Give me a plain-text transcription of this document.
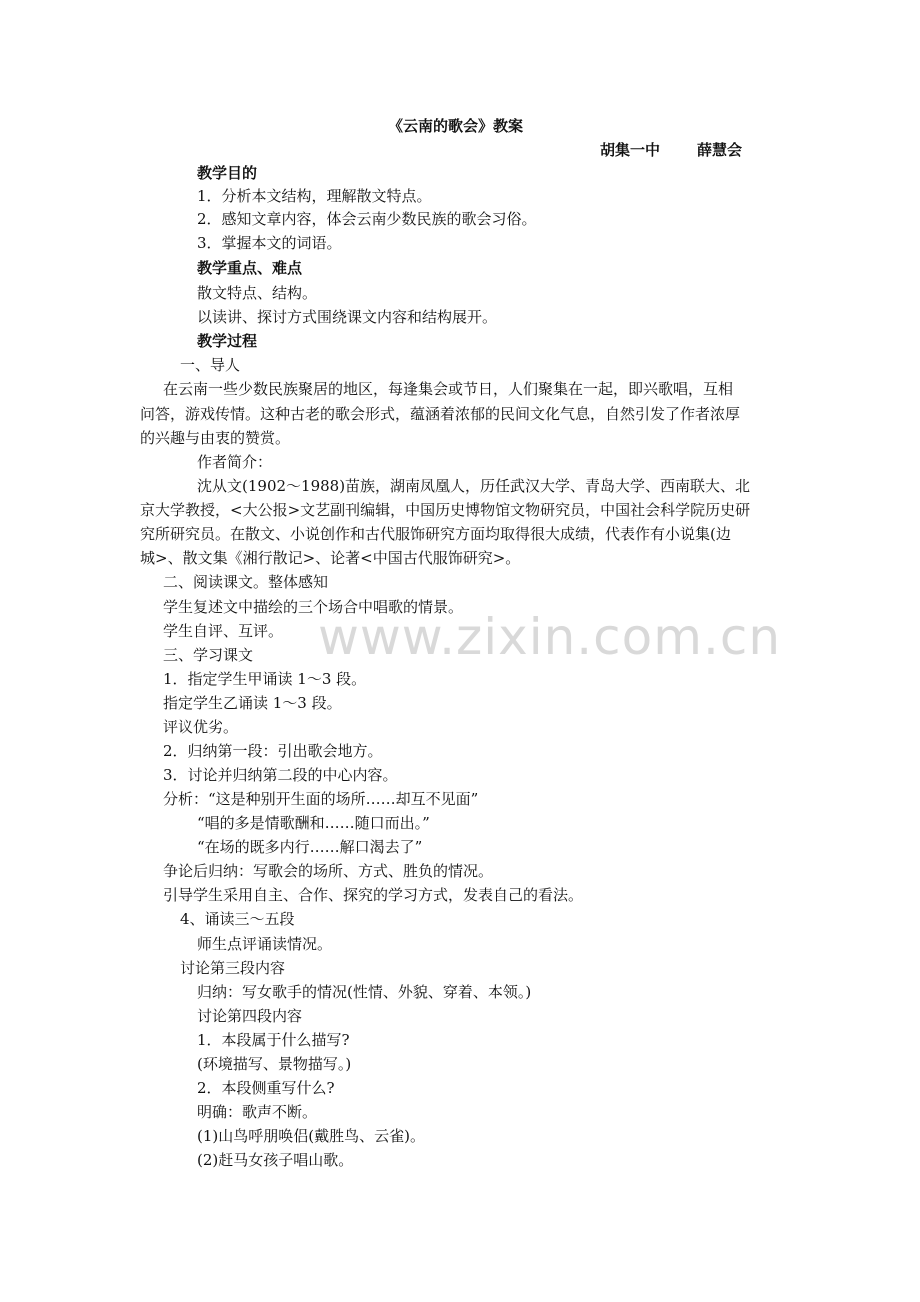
www.zixin.com.cn
《云南的歌会》教案
胡集一中 薛慧会
教学目的
1．分析本文结构，理解散文特点。
2．感知文章内容，体会云南少数民族的歌会习俗。
3．掌握本文的词语。
教学重点、难点
散文特点、结构。
以读讲、探讨方式围绕课文内容和结构展开。
教学过程
一、导人
在云南一些少数民族聚居的地区，每逢集会或节日，人们聚集在一起，即兴歌唱，互相
问答，游戏传情。这种古老的歌会形式，蕴涵着浓郁的民间文化气息，自然引发了作者浓厚
的兴趣与由衷的赞赏。
作者简介：
沈从文(1902～1988)苗族，湖南凤凰人，历任武汉大学、青岛大学、西南联大、北
京大学教授，<大公报>文艺副刊编辑，中国历史博物馆文物研究员，中国社会科学院历史研
究所研究员。在散文、小说创作和古代服饰研究方面均取得很大成绩，代表作有小说集(边
城>、散文集《湘行散记>、论著<中国古代服饰研究>。
二、阅读课文。整体感知
学生复述文中描绘的三个场合中唱歌的情景。
学生自评、互评。
三、学习课文
1．指定学生甲诵读 1～3 段。
指定学生乙诵读 1～3 段。
评议优劣。
2．归纳第一段：引出歌会地方。
3．讨论并归纳第二段的中心内容。
分析：“这是种别开生面的场所……却互不见面”
“唱的多是情歌酬和……随口而出。”
“在场的既多内行……解口渴去了”
争论后归纳：写歌会的场所、方式、胜负的情况。
引导学生采用自主、合作、探究的学习方式，发表自己的看法。
4、诵读三～五段
师生点评诵读情况。
讨论第三段内容
归纳：写女歌手的情况(性情、外貌、穿着、本领。)
讨论第四段内容
1．本段属于什么描写?
(环境描写、景物描写。)
2．本段侧重写什么?
明确：歌声不断。
(1)山鸟呼朋唤侣(戴胜鸟、云雀)。
(2)赶马女孩子唱山歌。
